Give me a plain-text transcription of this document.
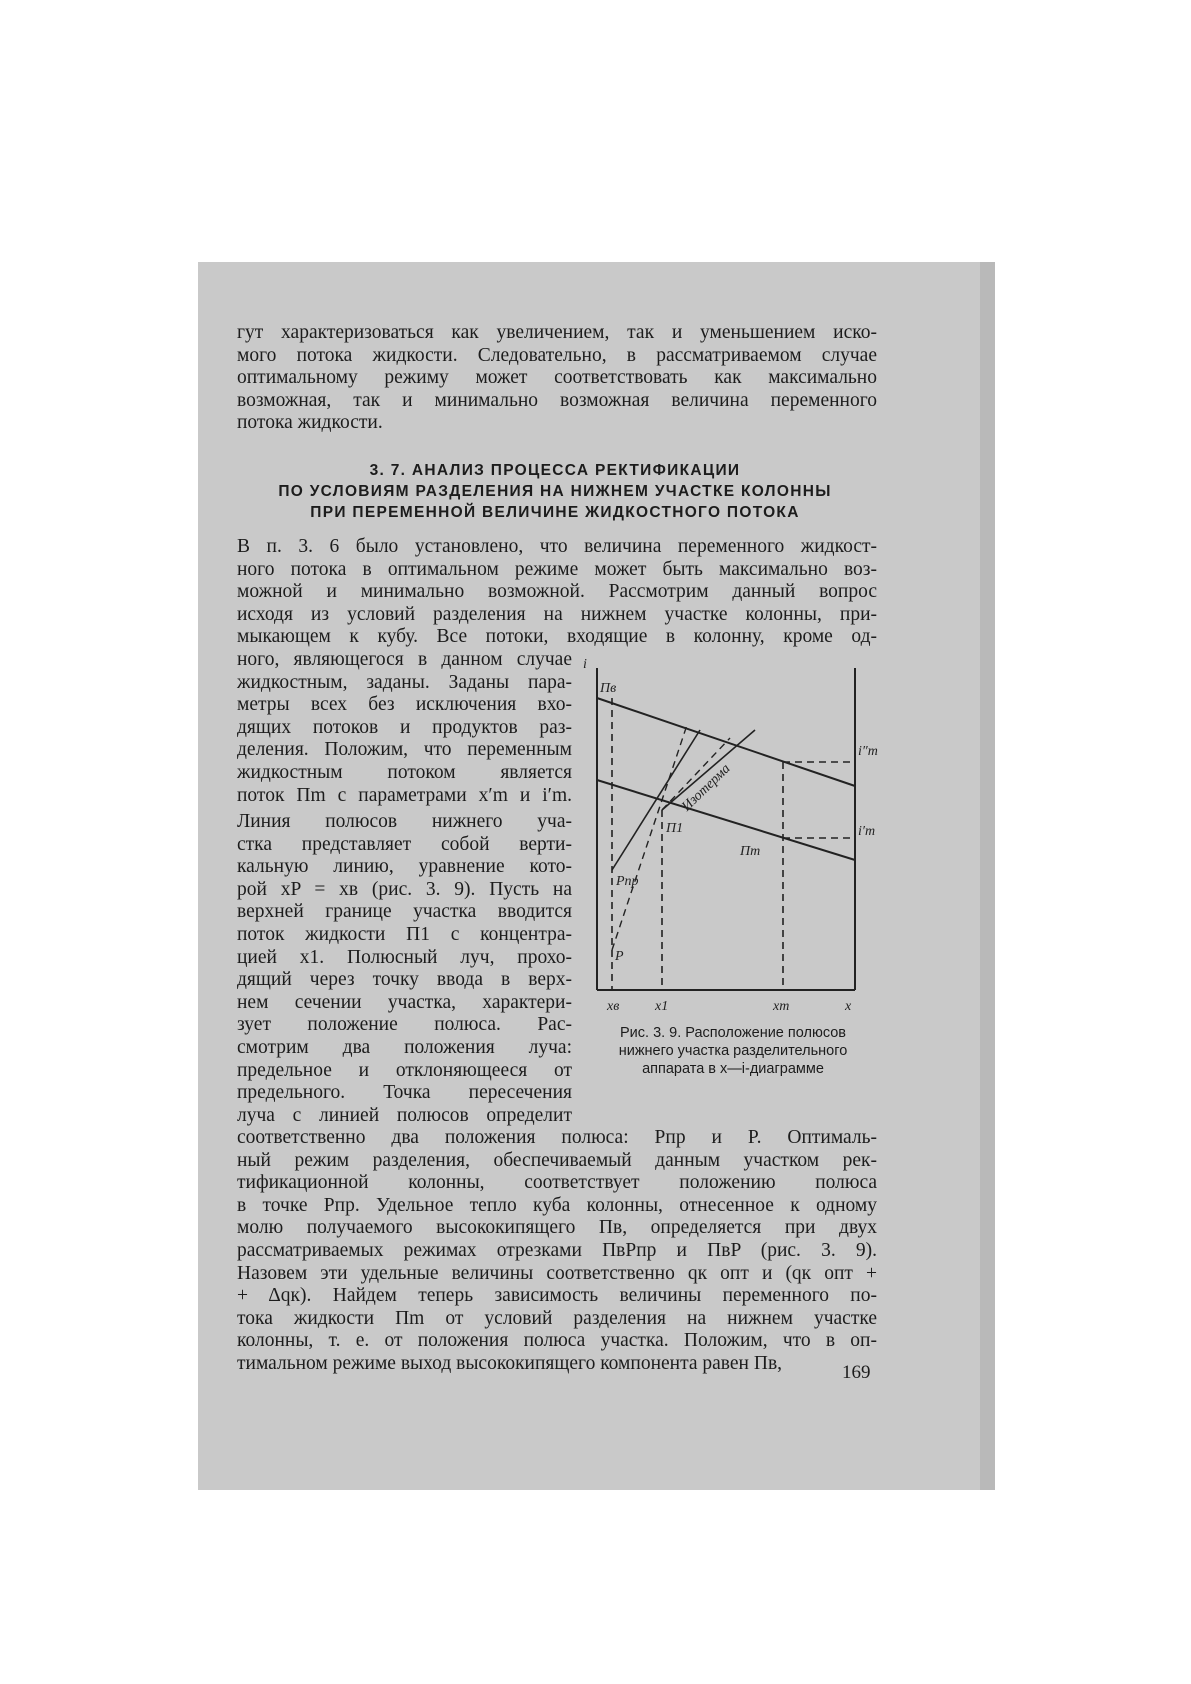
гут характеризоваться как увеличением, так и уменьшением иско-
мого потока жидкости. Следовательно, в рассматриваемом случае
оптимальному режиму может соответствовать как максимально
возможная, так и минимально возможная величина переменного
потока жидкости.
3. 7. АНАЛИЗ ПРОЦЕССА РЕКТИФИКАЦИИ
ПО УСЛОВИЯМ РАЗДЕЛЕНИЯ НА НИЖНЕМ УЧАСТКЕ КОЛОННЫ
ПРИ ПЕРЕМЕННОЙ ВЕЛИЧИНЕ ЖИДКОСТНОГО ПОТОКА
В п. 3. 6 было установлено, что величина переменного жидкост-
ного потока в оптимальном режиме может быть максимально воз-
можной и минимально возможной. Рассмотрим данный вопрос
исходя из условий разделения на нижнем участке колонны, при-
мыкающем к кубу. Все потоки, входящие в колонну, кроме од-
ного, являющегося в данном случае
жидкостным, заданы. Заданы пара-
метры всех без исключения вхо-
дящих потоков и продуктов раз-
деления. Положим, что переменным
жидкостным потоком является
поток Пm с параметрами x′m и i′m.
Линия полюсов нижнего уча-
стка представляет собой верти-
кальную линию, уравнение кото-
рой xP = xв (рис. 3. 9). Пусть на
верхней границе участка вводится
поток жидкости П1 с концентра-
цией x1. Полюсный луч, прохо-
дящий через точку ввода в верх-
нем сечении участка, характери-
зует положение полюса. Рас-
смотрим два положения луча:
предельное и отклоняющееся от
предельного. Точка пересечения
луча с линией полюсов определит
соответственно два положения полюса: Pпр и P. Оптималь-
ный режим разделения, обеспечиваемый данным участком рек-
тификационной колонны, соответствует положению полюса
в точке Pпр. Удельное тепло куба колонны, отнесенное к одному
молю получаемого высококипящего Пв, определяется при двух
рассматриваемых режимах отрезками ПвPпр и ПвP (рис. 3. 9).
Назовем эти удельные величины соответственно qк опт и (qк опт +
+ Δqк). Найдем теперь зависимость величины переменного по-
тока жидкости Пm от условий разделения на нижнем участке
колонны, т. е. от положения полюса участка. Положим, что в оп-
тимальном режиме выход высококипящего компонента равен Пв,
i
Пв
Изотерма
П1
Пm
Pпр
P
i″m
i′m
xв	x1	xm	x
Рис. 3. 9. Расположение полюсов
нижнего участка разделительного
аппарата в x—i-диаграмме
169
